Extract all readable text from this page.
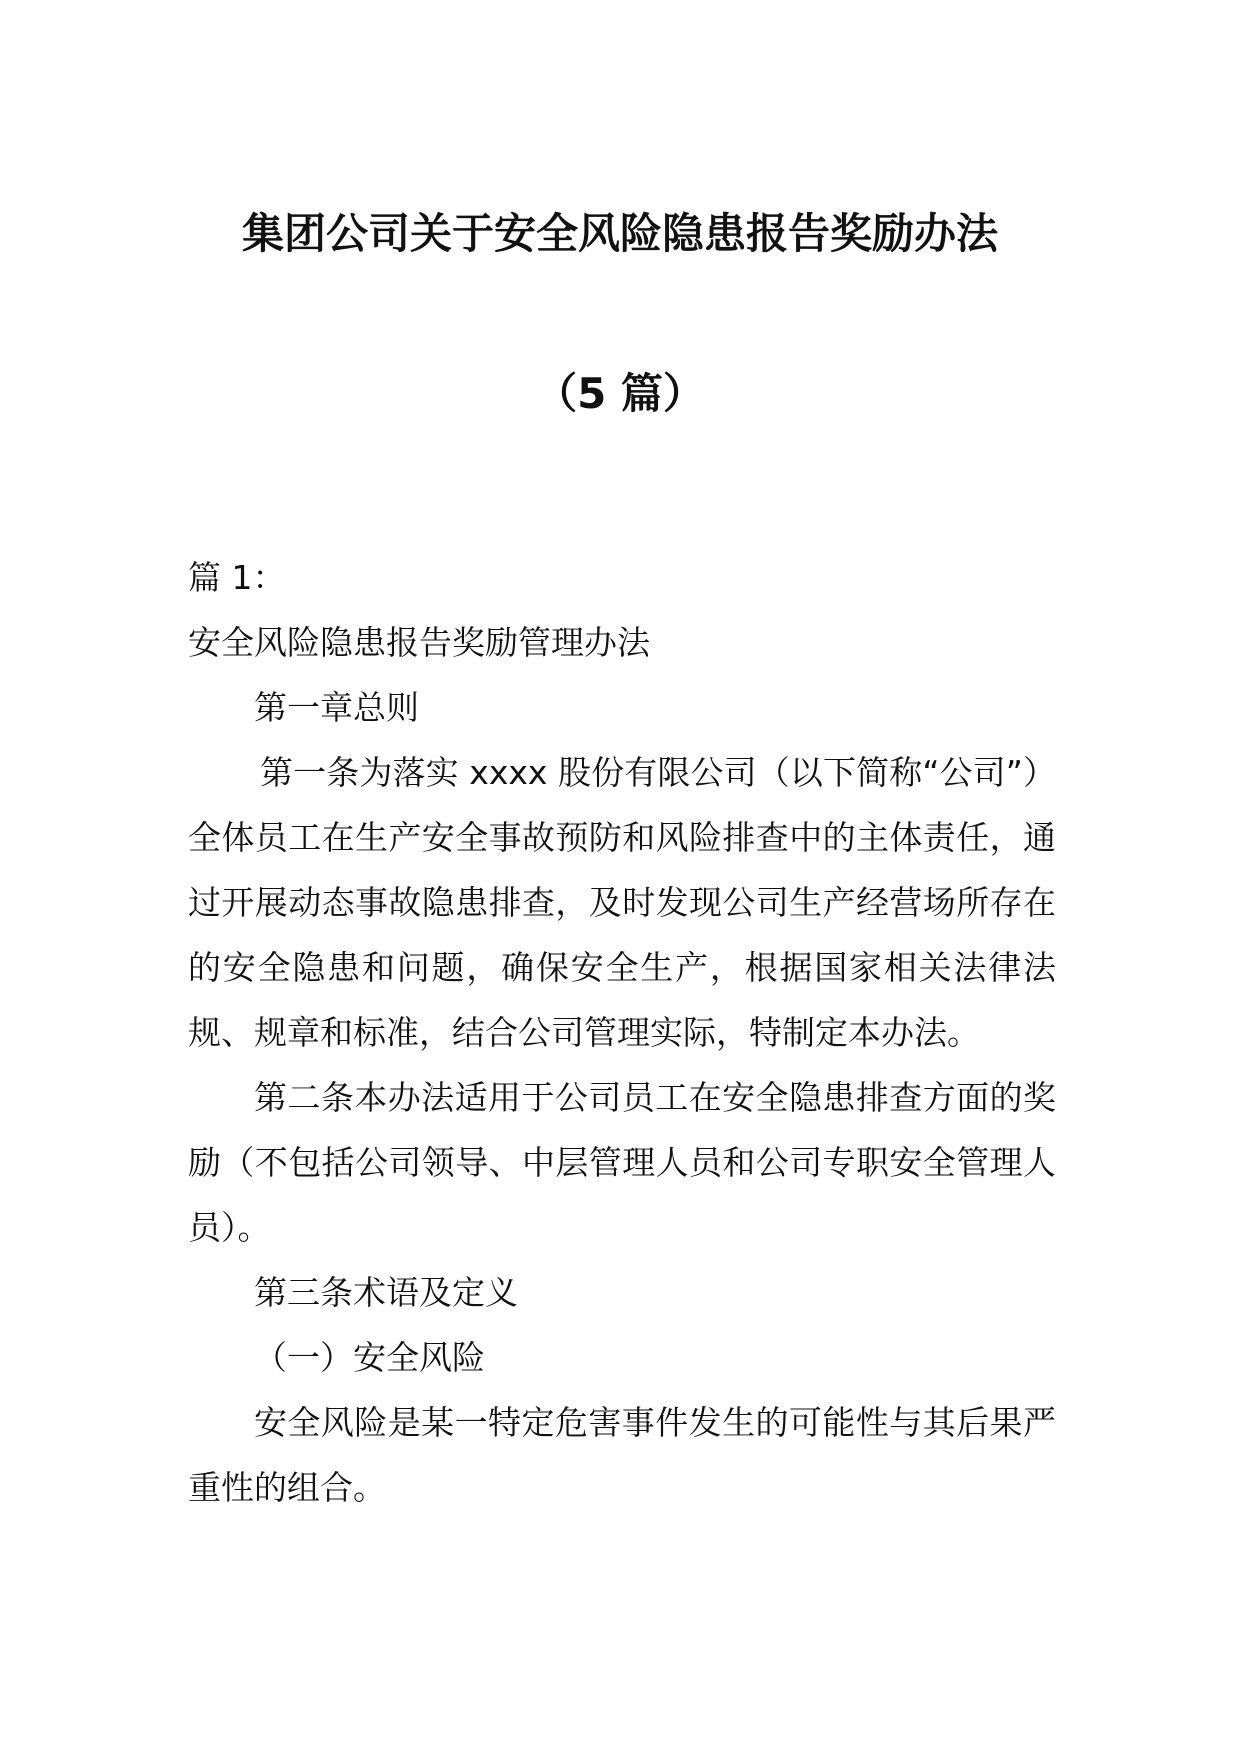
集团公司关于安全风险隐患报告奖励办法
（5 篇）

篇 1：

安全风险隐患报告奖励管理办法

第一章总则

第一条为落实 xxxx 股份有限公司（以下简称“公司”）全体员工在生产安全事故预防和风险排查中的主体责任，通过开展动态事故隐患排查，及时发现公司生产经营场所存在的安全隐患和问题，确保安全生产，根据国家相关法律法规、规章和标准，结合公司管理实际，特制定本办法。

第二条本办法适用于公司员工在安全隐患排查方面的奖励（不包括公司领导、中层管理人员和公司专职安全管理人员）。

第三条术语及定义

（一）安全风险

安全风险是某一特定危害事件发生的可能性与其后果严重性的组合。
